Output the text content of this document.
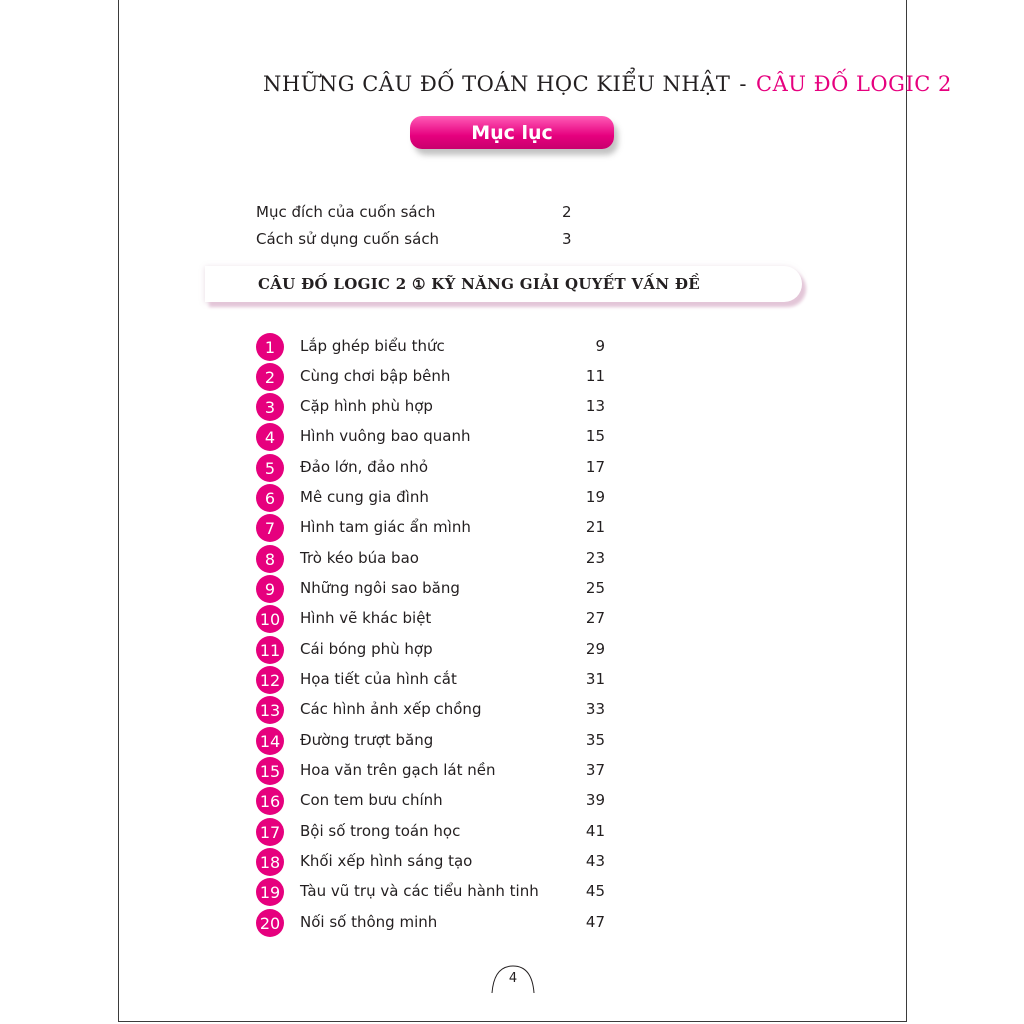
NHỮNG CÂU ĐỐ TOÁN HỌC KIỂU NHẬT - CÂU ĐỐ LOGIC 2
Mục lục
Mục đích của cuốn sách	2
Cách sử dụng cuốn sách	3
CÂU ĐỐ LOGIC 2 ① KỸ NĂNG GIẢI QUYẾT VẤN ĐỀ
1	Lắp ghép biểu thức	9
2	Cùng chơi bập bênh	11
3	Cặp hình phù hợp	13
4	Hình vuông bao quanh	15
5	Đảo lớn, đảo nhỏ	17
6	Mê cung gia đình	19
7	Hình tam giác ẩn mình	21
8	Trò kéo búa bao	23
9	Những ngôi sao băng	25
10 Hình vẽ khác biệt	27
11 Cái bóng phù hợp	29
12 Họa tiết của hình cắt	31
13 Các hình ảnh xếp chồng	33
14 Đường trượt băng	35
15 Hoa văn trên gạch lát nền	37
16 Con tem bưu chính	39
17 Bội số trong toán học	41
18 Khối xếp hình sáng tạo	43
19 Tàu vũ trụ và các tiểu hành tinh	45
20 Nối số thông minh	47
4
